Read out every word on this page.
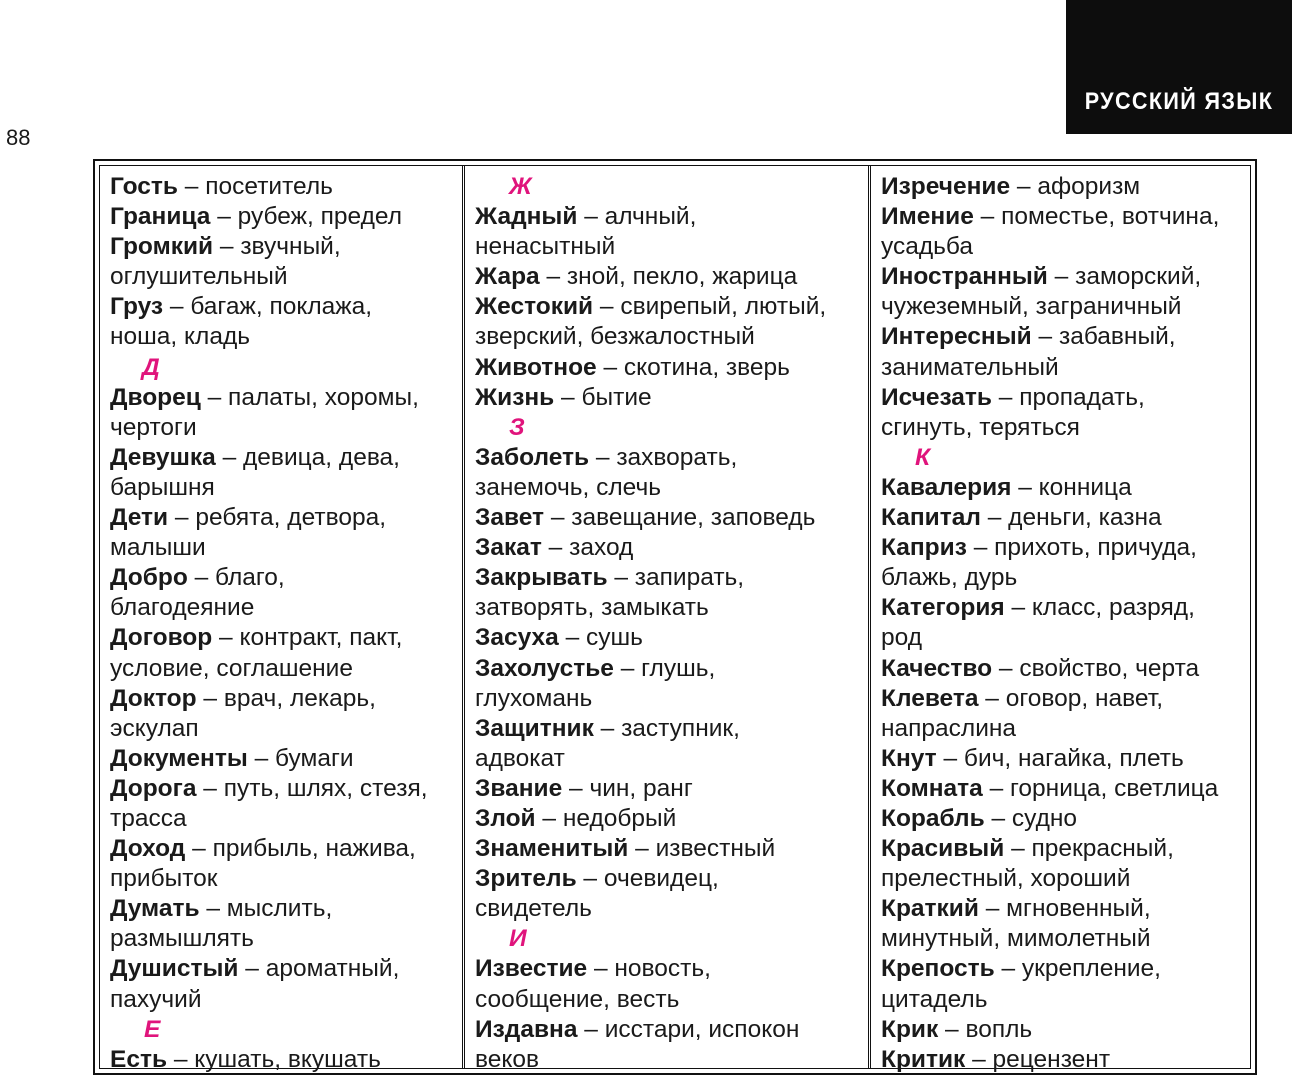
88
РУССКИЙ ЯЗЫК
Гость – посетитель
Граница – рубеж, предел
Громкий – звучный,
оглушительный
Груз – багаж, поклажа,
ноша, кладь
Д
Дворец – палаты, хоромы,
чертоги
Девушка – девица, дева,
барышня
Дети – ребята, детвора,
малыши
Добро – благо,
благодеяние
Договор – контракт, пакт,
условие, соглашение
Доктор – врач, лекарь,
эскулап
Документы – бумаги
Дорога – путь, шлях, стезя,
трасса
Доход – прибыль, нажива,
прибыток
Думать – мыслить,
размышлять
Душистый – ароматный,
пахучий
Е
Есть – кушать, вкушать
Ж
Жадный – алчный,
ненасытный
Жара – зной, пекло, жарица
Жестокий – свирепый, лютый,
зверский, безжалостный
Животное – скотина, зверь
Жизнь – бытие
З
Заболеть – захворать,
занемочь, слечь
Завет – завещание, заповедь
Закат – заход
Закрывать – запирать,
затворять, замыкать
Засуха – сушь
Захолустье – глушь,
глухомань
Защитник – заступник,
адвокат
Звание – чин, ранг
Злой – недобрый
Знаменитый – известный
Зритель – очевидец,
свидетель
И
Известие – новость,
сообщение, весть
Издавна – исстари, испокон
веков
Изречение – афоризм
Имение – поместье, вотчина,
усадьба
Иностранный – заморский,
чужеземный, заграничный
Интересный – забавный,
занимательный
Исчезать – пропадать,
сгинуть, теряться
К
Кавалерия – конница
Капитал – деньги, казна
Каприз – прихоть, причуда,
блажь, дурь
Категория – класс, разряд,
род
Качество – свойство, черта
Клевета – оговор, навет,
напраслина
Кнут – бич, нагайка, плеть
Комната – горница, светлица
Корабль – судно
Красивый – прекрасный,
прелестный, хороший
Краткий – мгновенный,
минутный, мимолетный
Крепость – укрепление,
цитадель
Крик – вопль
Критик – рецензент
